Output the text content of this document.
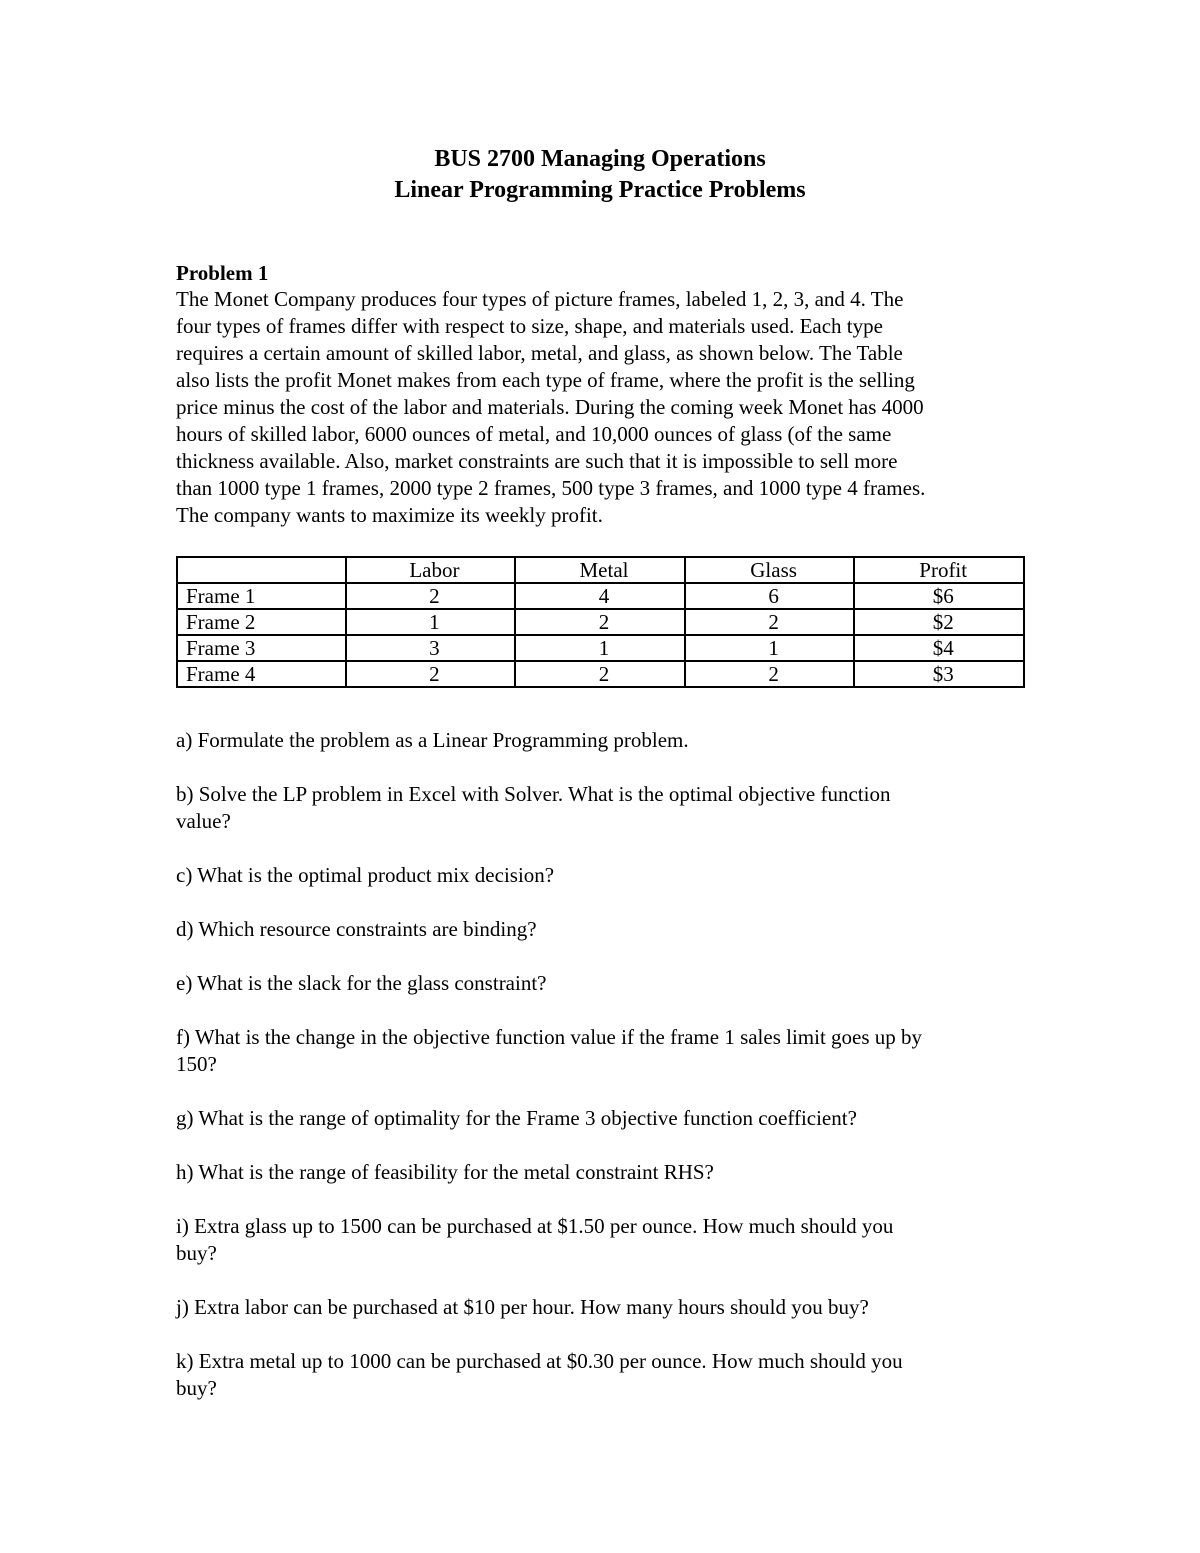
BUS 2700 Managing Operations
Linear Programming Practice Problems
Problem 1
The Monet Company produces four types of picture frames, labeled 1, 2, 3, and 4. The
four types of frames differ with respect to size, shape, and materials used. Each type
requires a certain amount of skilled labor, metal, and glass, as shown below. The Table
also lists the profit Monet makes from each type of frame, where the profit is the selling
price minus the cost of the labor and materials. During the coming week Monet has 4000
hours of skilled labor, 6000 ounces of metal, and 10,000 ounces of glass (of the same
thickness available. Also, market constraints are such that it is impossible to sell more
than 1000 type 1 frames, 2000 type 2 frames, 500 type 3 frames, and 1000 type 4 frames.
The company wants to maximize its weekly profit.
	Labor	Metal	Glass	Profit
Frame 1	2	4	6	$6
Frame 2	1	2	2	$2
Frame 3	3	1	1	$4
Frame 4	2	2	2	$3
a) Formulate the problem as a Linear Programming problem.
b) Solve the LP problem in Excel with Solver. What is the optimal objective function
value?
c) What is the optimal product mix decision?
d) Which resource constraints are binding?
e) What is the slack for the glass constraint?
f) What is the change in the objective function value if the frame 1 sales limit goes up by
150?
g) What is the range of optimality for the Frame 3 objective function coefficient?
h) What is the range of feasibility for the metal constraint RHS?
i) Extra glass up to 1500 can be purchased at $1.50 per ounce. How much should you
buy?
j) Extra labor can be purchased at $10 per hour. How many hours should you buy?
k) Extra metal up to 1000 can be purchased at $0.30 per ounce. How much should you
buy?
